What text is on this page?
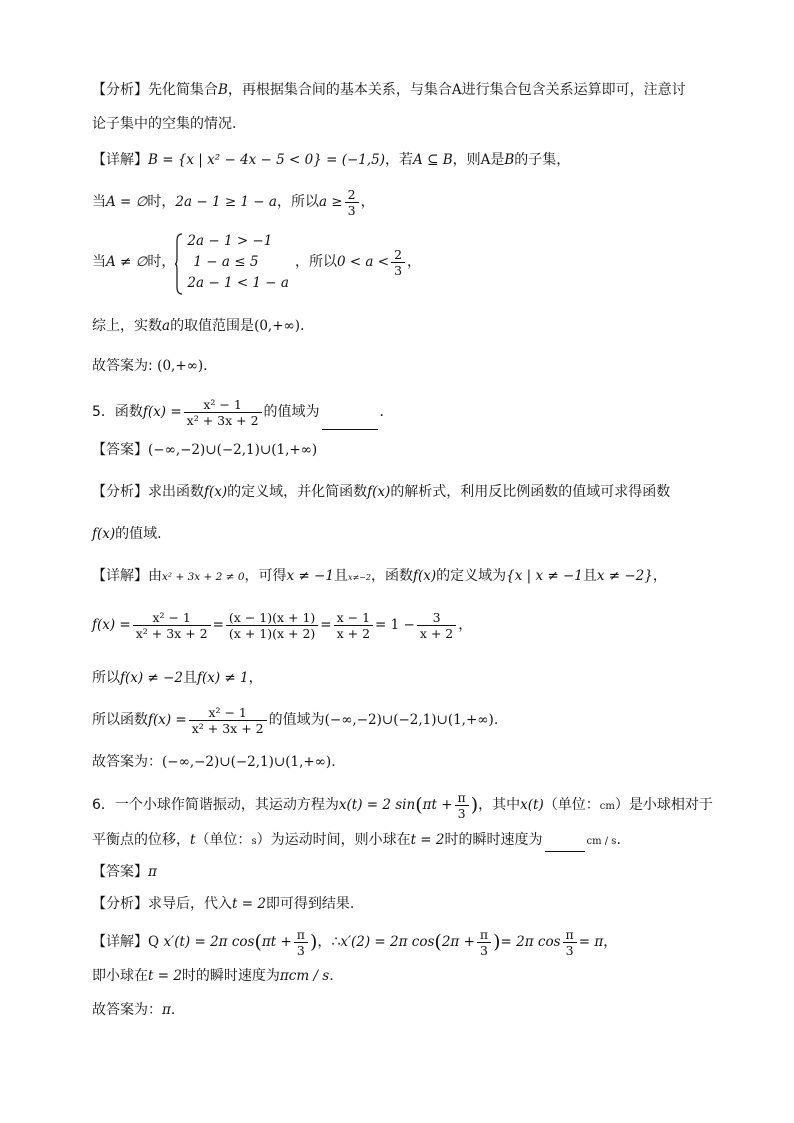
【分析】先化简集合B，再根据集合间的基本关系，与集合A进行集合包含关系运算即可，注意讨
论子集中的空集的情况.
【详解】B = {x | x² − 4x − 5 < 0} = (−1,5)，若A ⊆ B，则A是B的子集，
当A = ∅时，2a − 1 ≥ 1 − a，所以$a \ge \frac{2}{3}$ ，
当A ≠ ∅时，
2a − 1 > −1
1 − a ≤ 5
2a − 1 < 1 − a
，所以$0 < a < \frac{2}{3}$ ，
综上，实数a的取值范围是(0,+∞).
故答案为: (0,+∞).
5．函数$f(x) = \frac{\text{x² − 1}}{\text{x² + 3x + 2}}$ 的值域为	．
【答案】(−∞,−2)∪(−2,1)∪(1,+∞)
【分析】求出函数f(x)的定义域，并化简函数f(x)的解析式，利用反比例函数的值域可求得函数
f(x)的值域.
【详解】由x² + 3x + 2 ≠ 0，可得x ≠ −1且x≠−2，函数f(x)的定义域为{x | x ≠ −1且x ≠ −2}，
$f(x) = \frac{\text{x² − 1}}{\text{x² + 3x + 2}} = \frac{(x - 1)(x + 1)}{(x + 1)(x + 2)} = \frac{x - 1}{x + 2} = 1 - \frac{3}{x + 2}$ ，
所以f(x) ≠ −2且f(x) ≠ 1，
所以函数$f(x) = \frac{\text{x² − 1}}{\text{x² + 3x + 2}}$ 的值域为(−∞,−2)∪(−2,1)∪(1,+∞).
故答案为：(−∞,−2)∪(−2,1)∪(1,+∞).
6．一个小球作简谐振动，其运动方程为x(t) = 2 $\sin(\pi t + \frac{\pi}{3}$ )，其中x(t)（单位：cm）是小球相对于
平衡点的位移，t（单位：s）为运动时间，则小球在t = 2时的瞬时速度为	cm / s.
【答案】π
【分析】求导后，代入t = 2即可得到结果.
【详解】Q x′(t) = 2π $\cos(\pi t + \frac{\pi}{3}$ )，∴x′(2) = 2π $\cos(2\pi + \frac{\pi}{3}$ )= 2π $\cos \frac{\pi}{3} = \pi$，
即小球在t = 2时的瞬时速度为πcm / s.
故答案为：π.
